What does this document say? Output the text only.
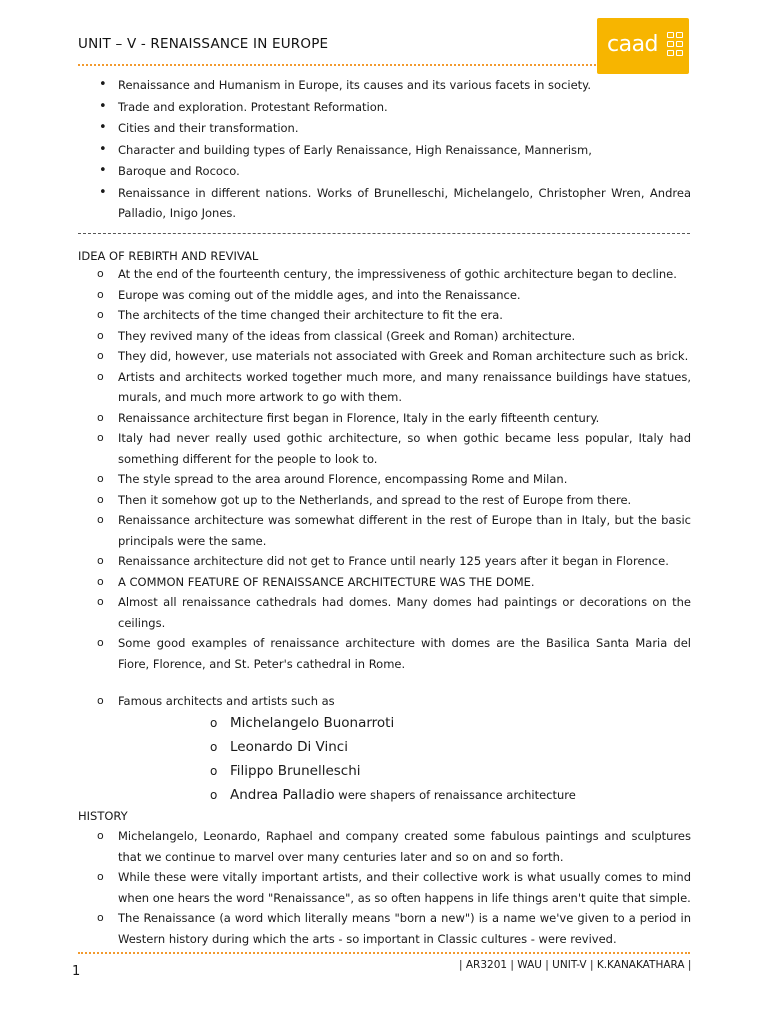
UNIT – V - RENAISSANCE IN EUROPE	caad
• Renaissance and Humanism in Europe, its causes and its various facets in society.
• Trade and exploration. Protestant Reformation.
• Cities and their transformation.
• Character and building types of Early Renaissance, High Renaissance, Mannerism,
• Baroque and Rococo.
• Renaissance in different nations. Works of Brunelleschi, Michelangelo, Christopher Wren, Andrea Palladio, Inigo Jones.
IDEA OF REBIRTH AND REVIVAL
o At the end of the fourteenth century, the impressiveness of gothic architecture began to decline.
o Europe was coming out of the middle ages, and into the Renaissance.
o The architects of the time changed their architecture to fit the era.
o They revived many of the ideas from classical (Greek and Roman) architecture.
o They did, however, use materials not associated with Greek and Roman architecture such as brick.
o Artists and architects worked together much more, and many renaissance buildings have statues, murals, and much more artwork to go with them.
o Renaissance architecture first began in Florence, Italy in the early fifteenth century.
o Italy had never really used gothic architecture, so when gothic became less popular, Italy had something different for the people to look to.
o The style spread to the area around Florence, encompassing Rome and Milan.
o Then it somehow got up to the Netherlands, and spread to the rest of Europe from there.
o Renaissance architecture was somewhat different in the rest of Europe than in Italy, but the basic principals were the same.
o Renaissance architecture did not get to France until nearly 125 years after it began in Florence.
o A COMMON FEATURE OF RENAISSANCE ARCHITECTURE WAS THE DOME.
o Almost all renaissance cathedrals had domes. Many domes had paintings or decorations on the ceilings.
o Some good examples of renaissance architecture with domes are the Basilica Santa Maria del Fiore, Florence, and St. Peter's cathedral in Rome.
o Famous architects and artists such as
o Michelangelo Buonarroti
o Leonardo Di Vinci
o Filippo Brunelleschi
o Andrea Palladio were shapers of renaissance architecture
HISTORY
o Michelangelo, Leonardo, Raphael and company created some fabulous paintings and sculptures that we continue to marvel over many centuries later and so on and so forth.
o While these were vitally important artists, and their collective work is what usually comes to mind when one hears the word "Renaissance", as so often happens in life things aren't quite that simple.
o The Renaissance (a word which literally means "born a new") is a name we've given to a period in Western history during which the arts - so important in Classic cultures - were revived.
| AR3201 | WAU | UNIT-V | K.KANAKATHARA |
1
